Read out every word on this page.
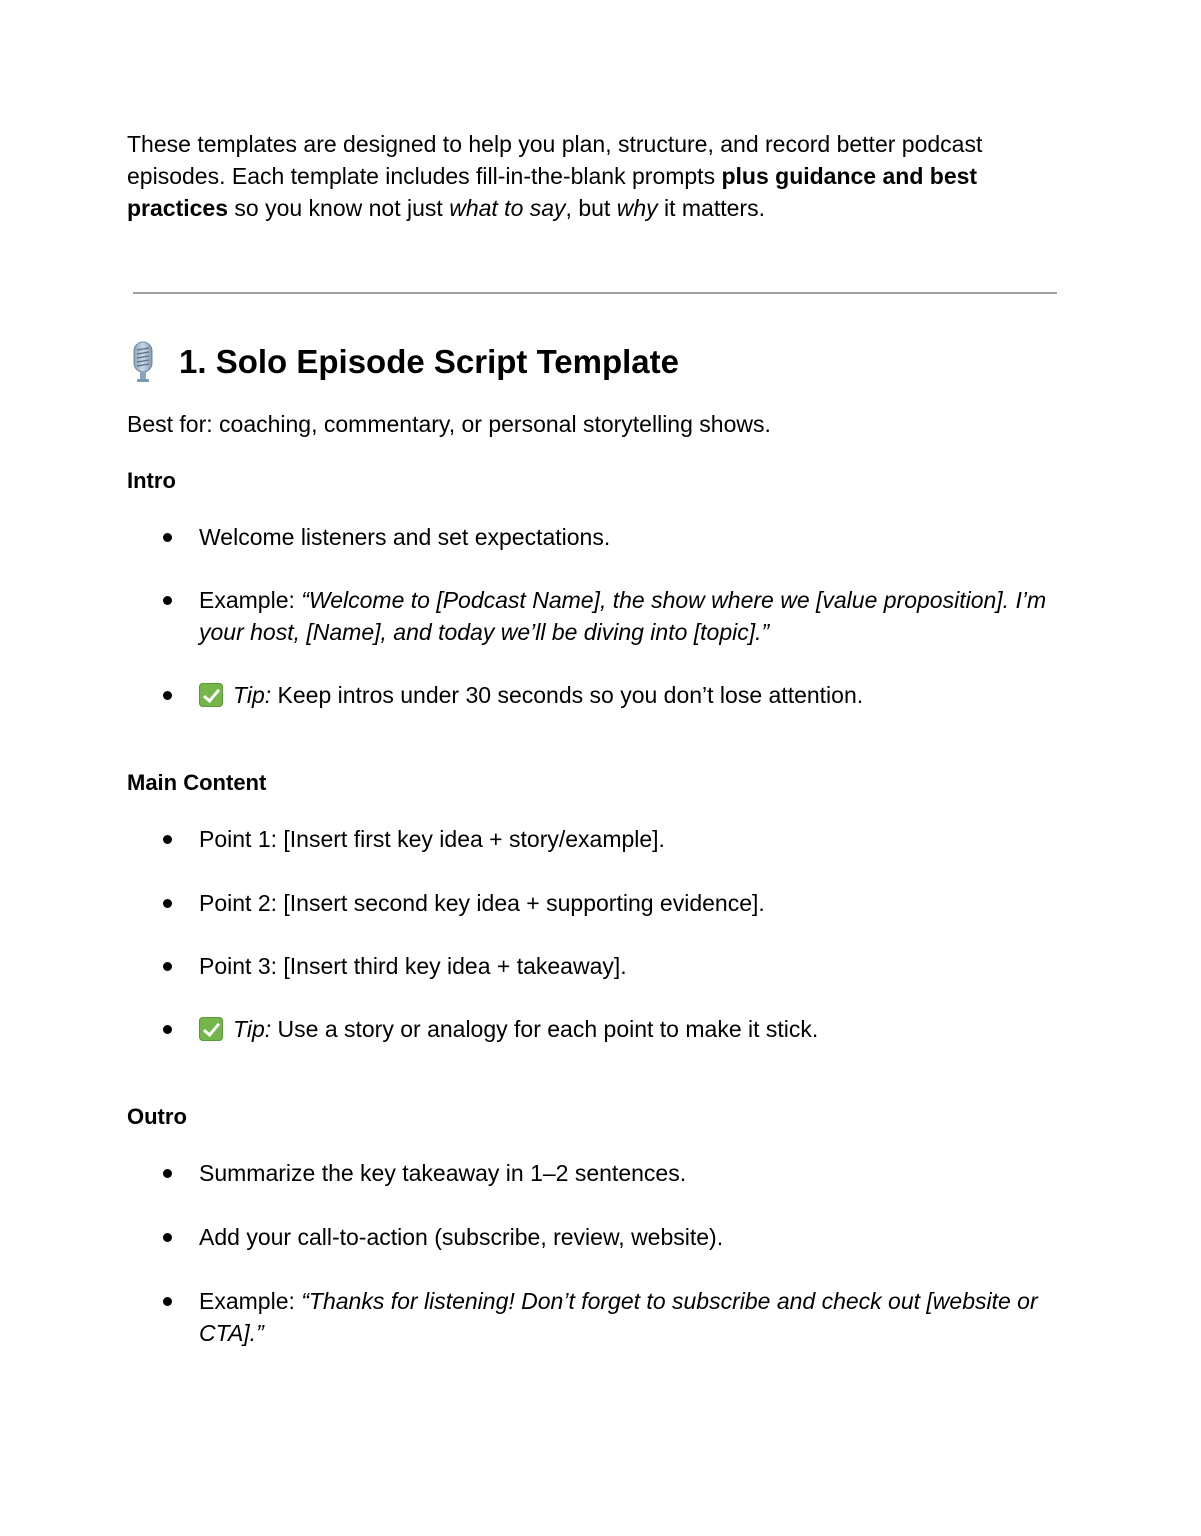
These templates are designed to help you plan, structure, and record better podcast episodes. Each template includes fill-in-the-blank prompts plus guidance and best practices so you know not just what to say, but why it matters.

1. Solo Episode Script Template

Best for: coaching, commentary, or personal storytelling shows.

Intro
Welcome listeners and set expectations.
Example: “Welcome to [Podcast Name], the show where we [value proposition]. I’m your host, [Name], and today we’ll be diving into [topic].”
Tip: Keep intros under 30 seconds so you don’t lose attention.
Main Content
Point 1: [Insert first key idea + story/example].
Point 2: [Insert second key idea + supporting evidence].
Point 3: [Insert third key idea + takeaway].
Tip: Use a story or analogy for each point to make it stick.
Outro
Summarize the key takeaway in 1–2 sentences.
Add your call-to-action (subscribe, review, website).
Example: “Thanks for listening! Don’t forget to subscribe and check out [website or CTA].”
